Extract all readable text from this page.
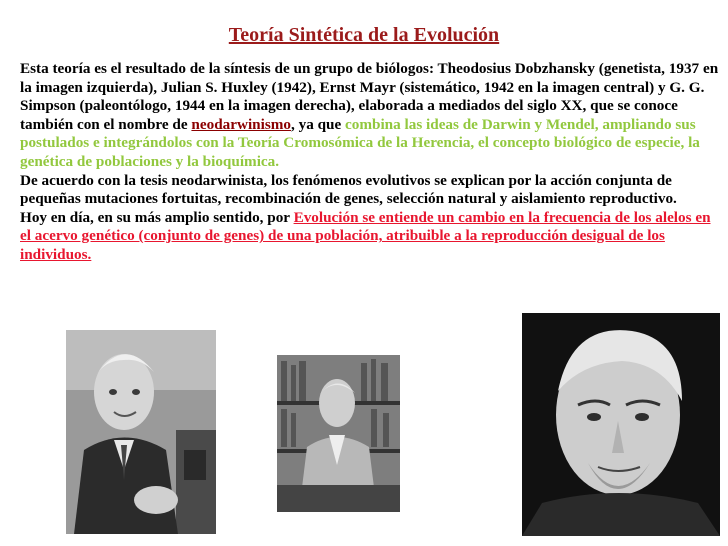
Teoría Sintética de la Evolución

Esta teoría es el resultado de la síntesis de un grupo de biólogos: Theodosius Dobzhansky (genetista, 1937 en la imagen izquierda), Julian S. Huxley (1942), Ernst Mayr (sistemático, 1942 en la imagen central) y G. G. Simpson (paleontólogo, 1944 en la imagen derecha), elaborada a mediados del siglo XX, que se conoce también con el nombre de neodarwinismo, ya que combina las ideas de Darwin y Mendel, ampliando sus postulados e integrándolos con la Teoría Cromosómica de la Herencia, el concepto biológico de especie, la genética de poblaciones y la bioquímica.

De acuerdo con la tesis neodarwinista, los fenómenos evolutivos se explican por la acción conjunta de pequeñas mutaciones fortuitas, recombinación de genes, selección natural y aislamiento reproductivo.

Hoy en día, en su más amplio sentido, por Evolución se entiende un cambio en la frecuencia de los alelos en el acervo genético (conjunto de genes) de una población, atribuible a la reproducción desigual de los individuos.
